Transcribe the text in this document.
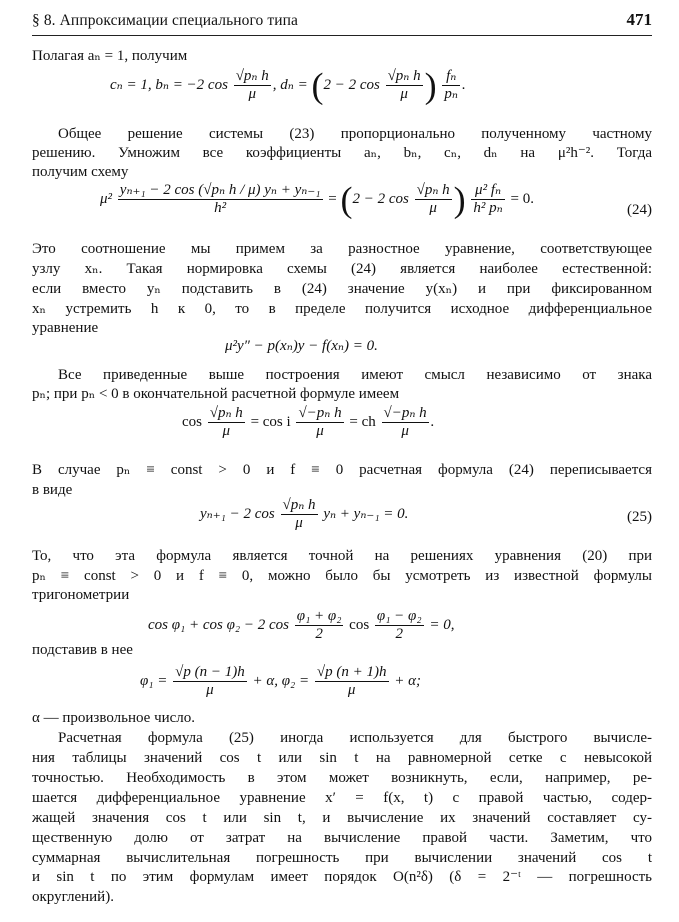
§ 8. Аппроксимации специального типа	471
Полагая aₙ = 1, получим
cₙ = 1, bₙ = −2 $\cos \frac{\text{√pₙ h}}{\mu}$ , dₙ = (2 − 2 $\cos \frac{\text{√pₙ h}}{\mu}$ ) $\frac{\text{fₙ}}{\text{pₙ}}$ .
Общее решение системы (23) пропорционально полученному частному
решению. Умножим все коэффициенты aₙ, bₙ, cₙ, dₙ на μ²h⁻². Тогда
получим схему
$\mu^2 \frac{\text{yₙ₊₁ − 2 cos (√pₙ h / μ) yₙ + yₙ₋₁}}{\text{h²}} = (2 - 2$ $\cos \frac{\text{√pₙ h}}{\mu}$ ) $\frac{\text{μ² fₙ}}{\text{h² pₙ}} = 0$.
(24)
Это соотношение мы примем за разностное уравнение, соответствующее
узлу xₙ. Такая нормировка схемы (24) является наиболее естественной:
если вместо yₙ подставить в (24) значение y(xₙ) и при фиксированном
xₙ устремить h к 0, то в пределе получится исходное дифференциальное
уравнение
μ²y″ − p(xₙ)y − f(xₙ) = 0.
Все приведенные выше построения имеют смысл независимо от знака
pₙ; при pₙ < 0 в окончательной расчетной формуле имеем
$\cos \frac{\text{√pₙ h}}{\mu} = \cos i \frac{\text{√−pₙ h}}{\mu}$ = ch $\frac{\text{√−pₙ h}}{\mu}$ .
В случае pₙ ≡ const > 0 и f ≡ 0 расчетная формула (24) переписывается
в виде
yₙ₊₁ − 2 $\cos \frac{\text{√pₙ h}}{\mu}$ yₙ + yₙ₋₁ = 0.	(25)
То, что эта формула является точной на решениях уравнения (20) при
pₙ ≡ const > 0 и f ≡ 0, можно было бы усмотреть из известной формулы
тригонометрии
cos φ₁ + cos φ₂ − 2 $\cos \frac{\text{φ₁ + φ₂}}{2}$ $\cos \frac{\text{φ₁ − φ₂}}{2} = 0$,
подставив в нее
$\varphi_1 = \frac{√p (n - 1)h}{\mu} + \alpha$, $\varphi_2 = \frac{√p (n + 1)h}{\mu} + \alpha$;
α — произвольное число.
Расчетная формула (25) иногда используется для быстрого вычисле-
ния таблицы значений cos t или sin t на равномерной сетке с невысокой
точностью. Необходимость в этом может возникнуть, если, например, ре-
шается дифференциальное уравнение x′ = f(x, t) с правой частью, содер-
жащей значения cos t или sin t, и вычисление их значений составляет су-
щественную долю от затрат на вычисление правой части. Заметим, что
суммарная вычислительная погрешность при вычислении значений cos t
и sin t по этим формулам имеет порядок O(n²δ) (δ = 2⁻ᵗ — погрешность
округлений).
